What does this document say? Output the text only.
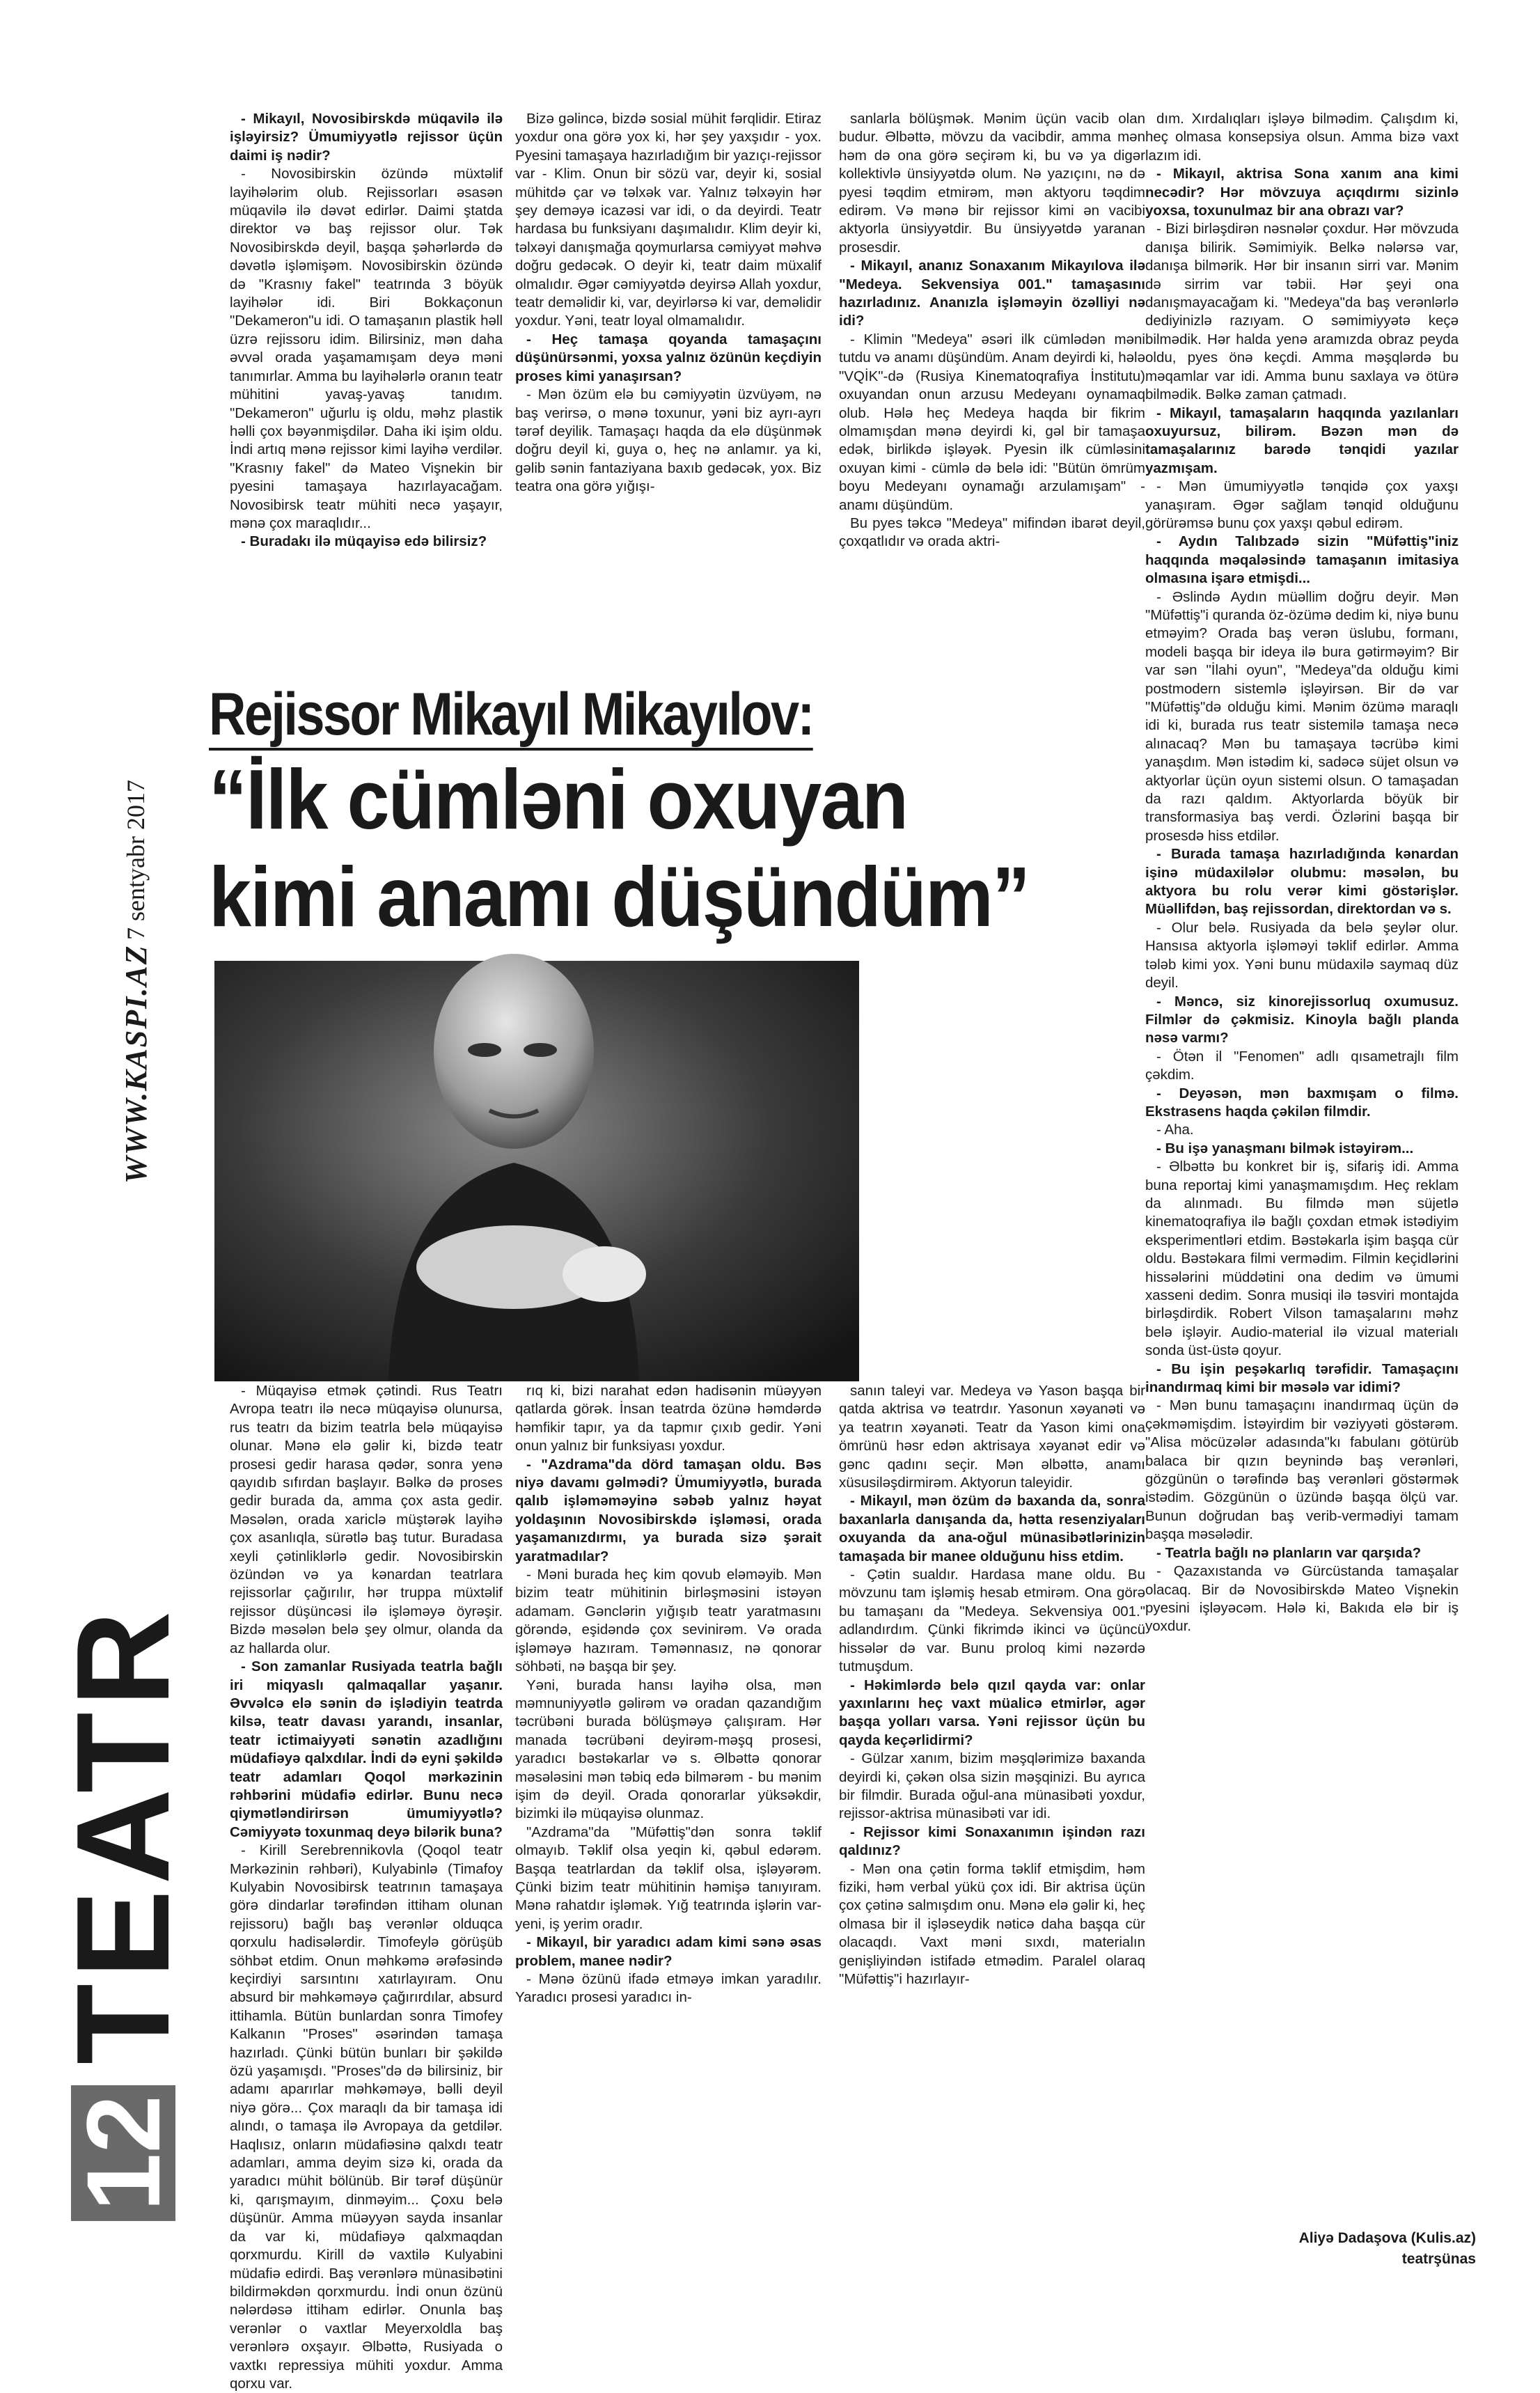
WWW.KASPI.AZ
7 sentyabr 2017
12
TEATR

- Mikayıl, Novosibirskdə müqavilə ilə işləyirsiz? Ümumiyyətlə rejissor üçün daimi iş nədir?

- Novosibirskin özündə müxtəlif layihələrim olub. Rejissorları əsasən müqavilə ilə dəvət edirlər. Daimi ştatda direktor və baş rejissor olur. Tək Novosibirskdə deyil, başqa şəhərlərdə də dəvətlə işləmişəm. Novosibirskin özündə də "Krasnıy fakel" teatrında 3 böyük layihələr idi. Biri Bokkaçonun "Dekameron"u idi. O tamaşanın plastik həll üzrə rejissoru idim. Bilirsiniz, mən daha əvvəl orada yaşamamışam deyə məni tanımırlar. Amma bu layihələrlə oranın teatr mühitini yavaş-yavaş tanıdım. "Dekameron" uğurlu iş oldu, məhz plastik həlli çox bəyənmişdilər. Daha iki işim oldu. İndi artıq mənə rejissor kimi layihə verdilər. "Krasnıy fakel" də Mateo Vişnekin bir pyesini tamaşaya hazırlayacağam. Novosibirsk teatr mühiti necə yaşayır, mənə çox maraqlıdır...

- Buradakı ilə müqayisə edə bilirsiz?

Bizə gəlincə, bizdə sosial mühit fərqlidir. Etiraz yoxdur ona görə yox ki, hər şey yaxşıdır - yox. Pyesini tamaşaya hazırladığım bir yazıçı-rejissor var - Klim. Onun bir sözü var, deyir ki, sosial mühitdə çar və təlxək var. Yalnız təlxəyin hər şey deməyə icazəsi var idi, o da deyirdi. Teatr hardasa bu funksiyanı daşımalıdır. Klim deyir ki, təlxəyi danışmağa qoymurlarsa cəmiyyət məhvə doğru gedəcək. O deyir ki, teatr daim müxalif olmalıdır. Əgər cəmiyyətdə deyirsə Allah yoxdur, teatr deməlidir ki, var, deyirlərsə ki var, deməlidir yoxdur. Yəni, teatr loyal olmamalıdır.

- Heç tamaşa qoyanda tamaşaçını düşünürsənmi, yoxsa yalnız özünün keçdiyin proses kimi yanaşırsan?

- Mən özüm elə bu cəmiyyətin üzvüyəm, nə baş verirsə, o mənə toxunur, yəni biz ayrı-ayrı tərəf deyilik. Tamaşaçı haqda da elə düşünmək doğru deyil ki, guya o, heç nə anlamır. ya ki, gəlib sənin fantaziyana baxıb gedəcək, yox. Biz teatra ona görə yığışı-

sanlarla bölüşmək. Mənim üçün vacib olan budur. Əlbəttə, mövzu da vacibdir, amma mən həm də ona görə seçirəm ki, bu və ya digər kollektivlə ünsiyyətdə olum. Nə yazıçını, nə də pyesi təqdim etmirəm, mən aktyoru təqdim edirəm. Və mənə bir rejissor kimi ən vacibi aktyorla ünsiyyətdir. Bu ünsiyyətdə yaranan prosesdir.

- Mikayıl, ananız Sonaxanım Mikayılova ilə "Medeya. Sekvensiya 001." tamaşasını hazırladınız. Ananızla işləməyin özəlliyi nə idi?

- Klimin "Medeya" əsəri ilk cümlədən məni tutdu və anamı düşündüm. Anam deyirdi ki, hələ "VQİK"-də (Rusiya Kinematoqrafiya İnstitutu) oxuyandan onun arzusu Medeyanı oynamaq olub. Hələ heç Medeya haqda bir fikrim olmamışdan mənə deyirdi ki, gəl bir tamaşa edək, birlikdə işləyək. Pyesin ilk cümləsini oxuyan kimi - cümlə də belə idi: "Bütün ömrüm boyu Medeyanı oynamağı arzulamışam" - anamı düşündüm.

Bu pyes təkcə "Medeya" mifindən ibarət deyil, çoxqatlıdır və orada aktri-

dım. Xırdalıqları işləyə bilmədim. Çalışdım ki, heç olmasa konsepsiya olsun. Amma bizə vaxt lazım idi.

- Mikayıl, aktrisa Sona xanım ana kimi necədir? Hər mövzuya açıqdırmı sizinlə yoxsa, toxunulmaz bir ana obrazı var?

- Bizi birləşdirən nəsnələr çoxdur. Hər mövzuda danışa bilirik. Səmimiyik. Belkə nələrsə var, danışa bilmərik. Hər bir insanın sirri var. Mənim də sirrim var təbii. Hər şeyi ona danışmayacağam ki. "Medeya"da baş verənlərlə dediyinizlə razıyam. O səmimiyyətə keçə bilmədik. Hər halda yenə aramızda obraz peyda oldu, pyes önə keçdi. Amma məşqlərdə bu məqamlar var idi. Amma bunu saxlaya və ötürə bilmədik. Bəlkə zaman çatmadı.

- Mikayıl, tamaşaların haqqında yazılanları oxuyursuz, bilirəm. Bəzən mən də tamaşalarınız barədə tənqidi yazılar yazmışam.

- Mən ümumiyyətlə tənqidə çox yaxşı yanaşıram. Əgər sağlam tənqid olduğunu görürəmsə bunu çox yaxşı qəbul edirəm.

- Aydın Talıbzadə sizin "Müfəttiş"iniz haqqında məqaləsində tamaşanın imitasiya olmasına işarə etmişdi...

- Əslində Aydın müəllim doğru deyir. Mən "Müfəttiş"i quranda öz-özümə dedim ki, niyə bunu etməyim? Orada baş verən üslubu, formanı, modeli başqa bir ideya ilə bura gətirməyim? Bir var sən "İlahi oyun", "Medeya"da olduğu kimi postmodern sistemlə işləyirsən. Bir də var "Müfəttiş"də olduğu kimi. Mənim özümə maraqlı idi ki, burada rus teatr sistemilə tamaşa necə alınacaq? Mən bu tamaşaya təcrübə kimi yanaşdım. Mən istədim ki, sadəcə süjet olsun və aktyorlar üçün oyun sistemi olsun. O tamaşadan da razı qaldım. Aktyorlarda böyük bir transformasiya baş verdi. Özlərini başqa bir prosesdə hiss etdilər.

- Burada tamaşa hazırladığında kənardan işinə müdaxilələr olubmu: məsələn, bu aktyora bu rolu verər kimi göstərişlər. Müəllifdən, baş rejissordan, direktordan və s.

- Olur belə. Rusiyada da belə şeylər olur. Hansısa aktyorla işləməyi təklif edirlər. Amma tələb kimi yox. Yəni bunu müdaxilə saymaq düz deyil.

- Məncə, siz kinorejissorluq oxumusuz. Filmlər də çəkmisiz. Kinoyla bağlı planda nəsə varmı?

- Ötən il "Fenomen" adlı qısametrajlı film çəkdim.

- Deyəsən, mən baxmışam o filmə. Ekstrasens haqda çəkilən filmdir.

- Aha.

- Bu işə yanaşmanı bilmək istəyirəm...

- Əlbəttə bu konkret bir iş, sifariş idi. Amma buna reportaj kimi yanaşmamışdım. Heç reklam da alınmadı. Bu filmdə mən süjetlə kinematoqrafiya ilə bağlı çoxdan etmək istədiyim eksperimentləri etdim. Bəstəkarla işim başqa cür oldu. Bəstəkara filmi vermədim. Filmin keçidlərini hissələrini müddətini ona dedim və ümumi xasseni dedim. Sonra musiqi ilə təsviri montajda birləşdirdik. Robert Vilson tamaşalarını məhz belə işləyir. Audio-material ilə vizual materialı sonda üst-üstə qoyur.

- Bu işin peşəkarlıq tərəfidir. Tamaşaçını inandırmaq kimi bir məsələ var idimi?

- Mən bunu tamaşaçını inandırmaq üçün də çəkməmişdim. İstəyirdim bir vəziyyəti göstərəm. "Alisa möcüzələr adasında"kı fabulanı götürüb balaca bir qızın beynində baş verənləri, gözgünün o tərəfində baş verənləri göstərmək istədim. Gözgünün o üzündə başqa ölçü var. Bunun doğrudan baş verib-vermədiyi tamam başqa məsələdir.

- Teatrla bağlı nə planların var qarşıda?

- Qazaxıstanda və Gürcüstanda tamaşalar olacaq. Bir də Novosibirskdə Mateo Vişnekin pyesini işləyəcəm. Hələ ki, Bakıda elə bir iş yoxdur.

Rejissor Mikayıl Mikayılov:
“İlk cümləni oxuyan
kimi anamı düşündüm”

- Müqayisə etmək çətindi. Rus Teatrı Avropa teatrı ilə necə müqayisə olunursa, rus teatrı da bizim teatrla belə müqayisə olunar. Mənə elə gəlir ki, bizdə teatr prosesi gedir harasa qədər, sonra yenə qayıdıb sıfırdan başlayır. Bəlkə də proses gedir burada da, amma çox asta gedir. Məsələn, orada xariclə müştərək layihə çox asanlıqla, sürətlə baş tutur. Buradasa xeyli çətinliklərlə gedir. Novosibirskin özündən və ya kənardan teatrlara rejissorlar çağırılır, hər truppa müxtəlif rejissor düşüncəsi ilə işləməyə öyrəşir. Bizdə məsələn belə şey olmur, olanda da az hallarda olur.

- Son zamanlar Rusiyada teatrla bağlı iri miqyaslı qalmaqallar yaşanır. Əvvəlcə elə sənin də işlədiyin teatrda kilsə, teatr davası yarandı, insanlar, teatr ictimaiyyəti sənətin azadlığını müdafiəyə qalxdılar. İndi də eyni şəkildə teatr adamları Qoqol mərkəzinin rəhbərini müdafiə edirlər. Bunu necə qiymətləndirirsən ümumiyyətlə? Cəmiyyətə toxunmaq deyə bilərik buna?

- Kirill Serebrennikovla (Qoqol teatr Mərkəzinin rəhbəri), Kulyabinlə (Timafoy Kulyabin Novosibirsk teatrının tamaşaya görə dindarlar tərəfindən ittiham olunan rejissoru) bağlı baş verənlər olduqca qorxulu hadisələrdir. Timofeylə görüşüb söhbət etdim. Onun məhkəmə ərəfəsində keçirdiyi sarsıntını xatırlayıram. Onu absurd bir məhkəməyə çağırırdılar, absurd ittihamla. Bütün bunlardan sonra Timofey Kalkanın "Proses" əsərindən tamaşa hazırladı. Çünki bütün bunları bir şəkildə özü yaşamışdı. "Proses"də də bilirsiniz, bir adamı aparırlar məhkəməyə, bəlli deyil niyə görə... Çox maraqlı da bir tamaşa idi alındı, o tamaşa ilə Avropaya da getdilər. Haqlısız, onların müdafiəsinə qalxdı teatr adamları, amma deyim sizə ki, orada da yaradıcı mühit bölünüb. Bir tərəf düşünür ki, qarışmayım, dinməyim... Çoxu belə düşünür. Amma müəyyən sayda insanlar da var ki, müdafiəyə qalxmaqdan qorxmurdu. Kirill də vaxtilə Kulyabini müdafiə edirdi. Baş verənlərə münasibətini bildirməkdən qorxmurdu. İndi onun özünü nələrdəsə ittiham edirlər. Onunla baş verənlər o vaxtlar Meyerxoldla baş verənlərə oxşayır. Əlbəttə, Rusiyada o vaxtkı repressiya mühiti yoxdur. Amma qorxu var.

rıq ki, bizi narahat edən hadisənin müəyyən qatlarda görək. İnsan teatrda özünə həmdərdə həmfikir tapır, ya da tapmır çıxıb gedir. Yəni onun yalnız bir funksiyası yoxdur.

- "Azdrama"da dörd tamaşan oldu. Bəs niyə davamı gəlmədi? Ümumiyyətlə, burada qalıb işləməməyinə səbəb yalnız həyat yoldaşının Novosibirskdə işləməsi, orada yaşamanızdırmı, ya burada sizə şərait yaratmadılar?

- Məni burada heç kim qovub eləməyib. Mən bizim teatr mühitinin birləşməsini istəyən adamam. Gənclərin yığışıb teatr yaratmasını görəndə, eşidəndə çox sevinirəm. Və orada işləməyə hazıram. Təmənnasız, nə qonorar söhbəti, nə başqa bir şey.

Yəni, burada hansı layihə olsa, mən məmnuniyyətlə gəlirəm və oradan qazandığım təcrübəni burada bölüşməyə çalışıram. Hər manada təcrübəni deyirəm-məşq prosesi, yaradıcı bəstəkarlar və s. Əlbəttə qonorar məsələsini mən təbiq edə bilmərəm - bu mənim işim də deyil. Orada qonorarlar yüksəkdir, bizimki ilə müqayisə olunmaz.

"Azdrama"da "Müfəttiş"dən sonra təklif olmayıb. Təklif olsa yeqin ki, qəbul edərəm. Başqa teatrlardan da təklif olsa, işləyərəm. Çünki bizim teatr mühitinin həmişə tanıyıram. Mənə rahatdır işləmək. Yığ teatrında işlərin var-yeni, iş yerim oradır.

- Mikayıl, bir yaradıcı adam kimi sənə əsas problem, manee nədir?

- Mənə özünü ifadə etməyə imkan yaradılır. Yaradıcı prosesi yaradıcı in-

sanın taleyi var. Medeya və Yason başqa bir qatda aktrisa və teatrdır. Yasonun xəyanəti və ya teatrın xəyanəti. Teatr da Yason kimi ona ömrünü həsr edən aktrisaya xəyanət edir və gənc qadını seçir. Mən əlbəttə, anamı xüsusiləşdirmirəm. Aktyorun taleyidir.

- Mikayıl, mən özüm də baxanda da, sonra baxanlarla danışanda da, hətta resenziyaları oxuyanda da ana-oğul münasibətlərinizin tamaşada bir manee olduğunu hiss etdim.

- Çətin sualdır. Hardasa mane oldu. Bu mövzunu tam işləmiş hesab etmirəm. Ona görə bu tamaşanı da "Medeya. Sekvensiya 001." adlandırdım. Çünki fikrimdə ikinci və üçüncü hissələr də var. Bunu proloq kimi nəzərdə tutmuşdum.

- Həkimlərdə belə qızıl qayda var: onlar yaxınlarını heç vaxt müalicə etmirlər, agər başqa yolları varsa. Yəni rejissor üçün bu qayda keçərlidirmi?

- Gülzar xanım, bizim məşqlərimizə baxanda deyirdi ki, çəkən olsa sizin məşqinizi. Bu ayrıca bir filmdir. Burada oğul-ana münasibəti yoxdur, rejissor-aktrisa münasibəti var idi.

- Rejissor kimi Sonaxanımın işindən razı qaldınız?

- Mən ona çətin forma təklif etmişdim, həm fiziki, həm verbal yükü çox idi. Bir aktrisa üçün çox çətinə salmışdım onu. Mənə elə gəlir ki, heç olmasa bir il işləseydik nəticə daha başqa cür olacaqdı. Vaxt məni sıxdı, materialın genişliyindən istifadə etmədim. Paralel olaraq "Müfəttiş"i hazırlayır-

Aliyə Dadaşova (Kulis.az)
teatrşünas
